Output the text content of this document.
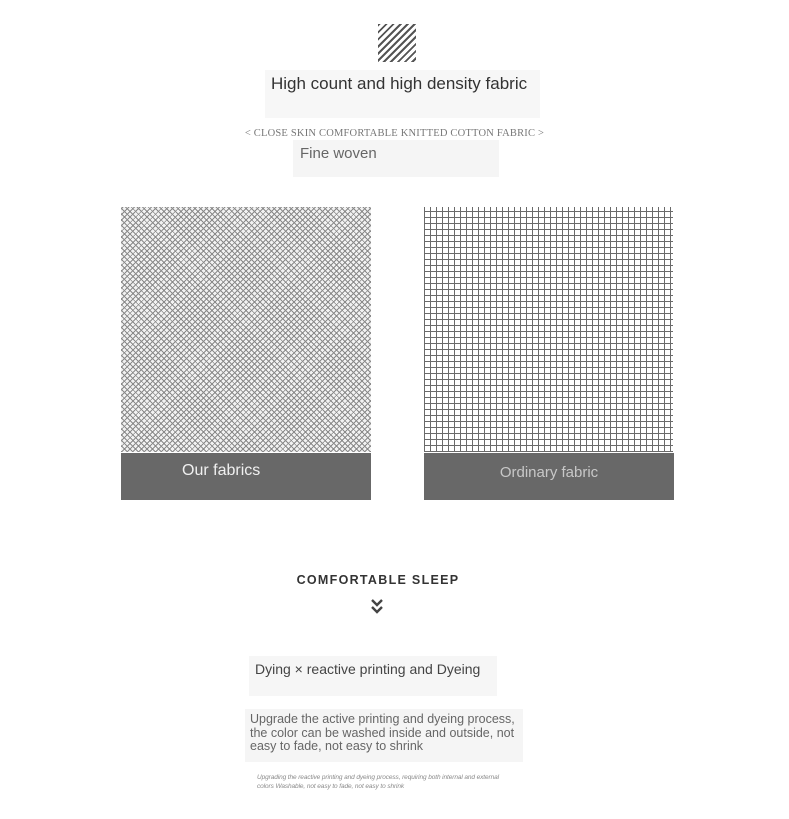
High count and high density fabric
< CLOSE SKIN COMFORTABLE KNITTED COTTON FABRIC >
Fine woven
Our fabrics	Ordinary fabric
COMFORTABLE SLEEP
Dying × reactive printing and Dyeing
Upgrade the active printing and dyeing process, the color can be washed inside and outside, not easy to fade, not easy to shrink
Upgrading the reactive printing and dyeing process, requiring both internal and external colors Washable, not easy to fade, not easy to shrink
